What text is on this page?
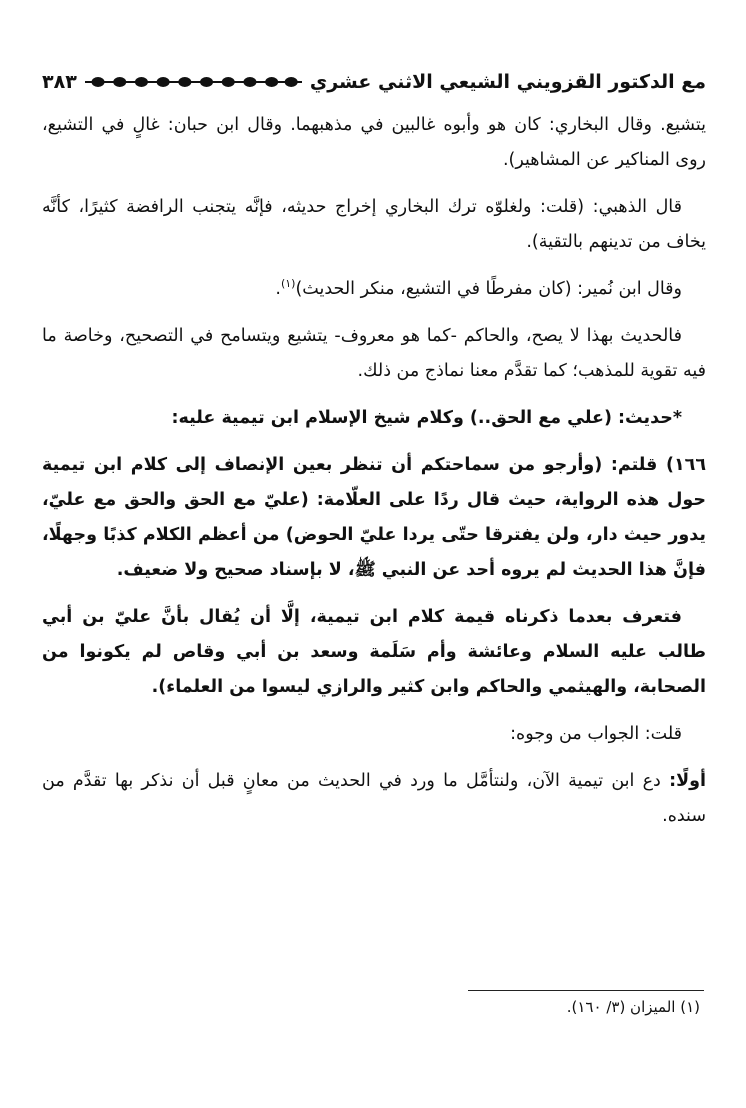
مع الدكتور القزويني الشيعي الاثني عشري
٣٨٣

يتشيع. وقال البخاري: كان هو وأبوه غالبين في مذهبهما. وقال ابن حبان: غالٍ في التشيع، روى المناكير عن المشاهير).

قال الذهبي: (قلت: ولغلوّه ترك البخاري إخراج حديثه، فإنَّه يتجنب الرافضة كثيرًا، كأنَّه يخاف من تدينهم بالتقية).

وقال ابن نُمير: (كان مفرطًا في التشيع، منكر الحديث)$^{(١)}$.

فالحديث بهذا لا يصح، والحاكم -كما هو معروف- يتشيع ويتسامح في التصحيح، وخاصة ما فيه تقوية للمذهب؛ كما تقدَّم معنا نماذج من ذلك.

*حديث: (علي مع الحق..) وكلام شيخ الإسلام ابن تيمية عليه:

١٦٦) قلتم: (وأرجو من سماحتكم أن تنظر بعين الإنصاف إلى كلام ابن تيمية حول هذه الرواية، حيث قال ردًا على العلّامة: (عليّ مع الحق والحق مع عليّ، يدور حيث دار، ولن يفترقا حتّى يردا عليّ الحوض) من أعظم الكلام كذبًا وجهلًا، فإنَّ هذا الحديث لم يروه أحد عن النبي ﷺ، لا بإسناد صحيح ولا ضعيف.

فتعرف بعدما ذكرناه قيمة كلام ابن تيمية، إلَّا أن يُقال بأنَّ عليّ بن أبي طالب عليه السلام وعائشة وأم سَلَمة وسعد بن أبي وقاص لم يكونوا من الصحابة، والهيثمي والحاكم وابن كثير والرازي ليسوا من العلماء).

قلت: الجواب من وجوه:

أولًا: دع ابن تيمية الآن، ولنتأمَّل ما ورد في الحديث من معانٍ قبل أن نذكر بها تقدَّم من سنده.

(١) الميزان (٣/ ١٦٠).
